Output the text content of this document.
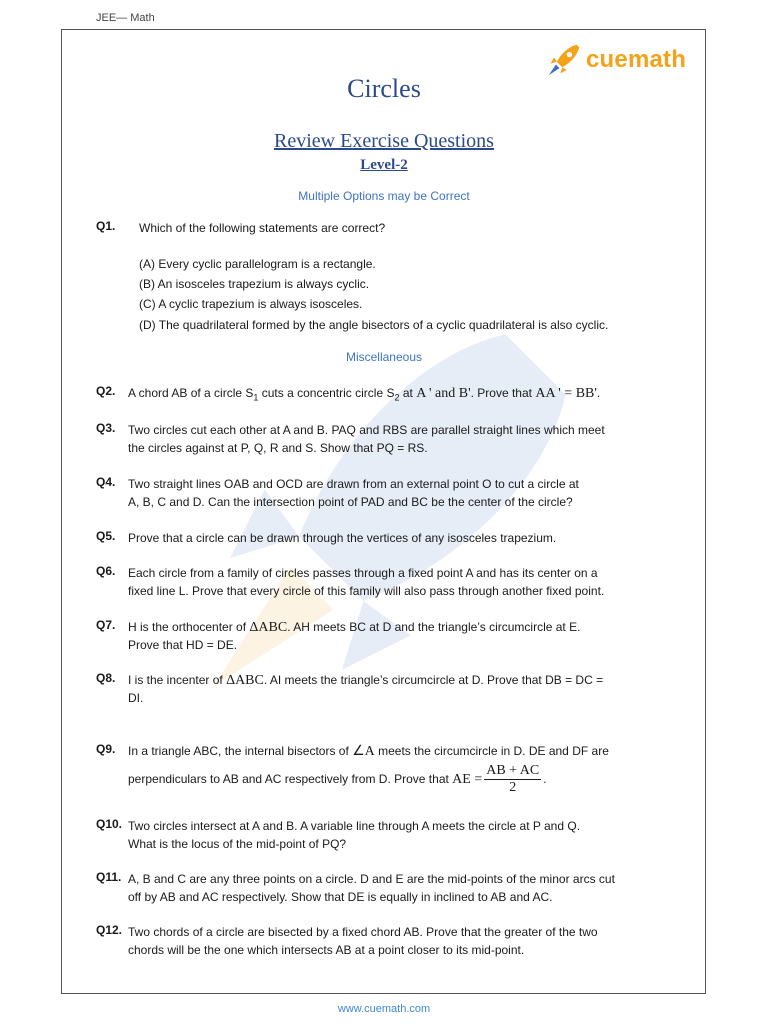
JEE— Math
cuemath
Circles
Review Exercise Questions
Level-2
Multiple Options may be Correct
Q1. Which of the following statements are correct?
(A) Every cyclic parallelogram is a rectangle.
(B) An isosceles trapezium is always cyclic.
(C) A cyclic trapezium is always isosceles.
(D) The quadrilateral formed by the angle bisectors of a cyclic quadrilateral is also cyclic.
Miscellaneous
Q2. A chord AB of a circle $S_1$ cuts a concentric circle $S_2$ at A ' and B'. Prove that AA ' = BB'.
Q3. Two circles cut each other at A and B. PAQ and RBS are parallel straight lines which meet
the circles against at P, Q, R and S. Show that PQ = RS.
Q4. Two straight lines OAB and OCD are drawn from an external point O to cut a circle at
A, B, C and D. Can the intersection point of PAD and BC be the center of the circle?
Q5. Prove that a circle can be drawn through the vertices of any isosceles trapezium.
Q6. Each circle from a family of circles passes through a fixed point A and has its center on a
fixed line L. Prove that every circle of this family will also pass through another fixed point.
Q7. H is the orthocenter of ΔABC. AH meets BC at D and the triangle’s circumcircle at E.
Prove that HD = DE.
Q8. I is the incenter of ΔABC. AI meets the triangle’s circumcircle at D. Prove that DB = DC =
DI.
Q9. In a triangle ABC, the internal bisectors of ∠A meets the circumcircle in D. DE and DF are
perpendiculars to AB and AC respectively from D. Prove that AE = $\frac{AB + AC}{2}$ .
Q10. Two circles intersect at A and B. A variable line through A meets the circle at P and Q.
What is the locus of the mid-point of PQ?
Q11. A, B and C are any three points on a circle. D and E are the mid-points of the minor arcs cut
off by AB and AC respectively. Show that DE is equally in inclined to AB and AC.
Q12. Two chords of a circle are bisected by a fixed chord AB. Prove that the greater of the two
chords will be the one which intersects AB at a point closer to its mid-point.
www.cuemath.com
